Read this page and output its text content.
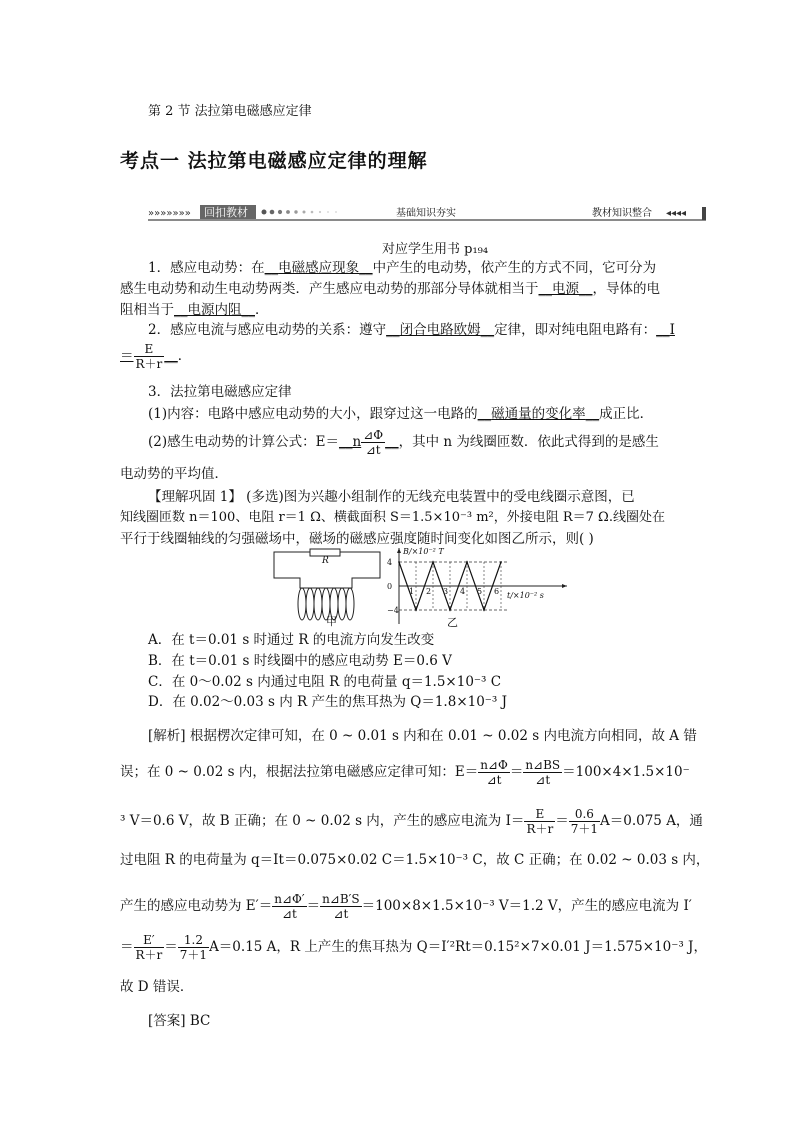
第 2 节 法拉第电磁感应定律
考点一 法拉第电磁感应定律的理解
»»»»»»» 回扣教材	基础知识夯实	教材知识整合 ◂◂◂◂
对应学生用书 p₁₉₄
1．感应电动势：在__电磁感应现象__中产生的电动势，依产生的方式不同，它可分为
感生电动势和动生电动势两类．产生感应电动势的那部分导体就相当于__电源__，导体的电
阻相当于__电源内阻__．
2．感应电流与感应电动势的关系：遵守__闭合电路欧姆__定律，即对纯电阻电路有：__I
＝ $\frac{E}{R+r}$ __．
3．法拉第电磁感应定律
(1)内容：电路中感应电动势的大小，跟穿过这一电路的__磁通量的变化率__成正比．
(2)感生电动势的计算公式：E＝__n $\frac{⊿\Phi}{⊿t}$ __，其中 n 为线圈匝数．依此式得到的是感生
电动势的平均值．
【理解巩固 1】 (多选)图为兴趣小组制作的无线充电装置中的受电线圈示意图，已
知线圈匝数 n＝100、电阻 r＝1 Ω、横截面积 S＝1.5×10⁻³ m²，外接电阻 R＝7 Ω.线圈处在
平行于线圈轴线的匀强磁场中，磁场的磁感应强度随时间变化如图乙所示，则( )
R
甲
B/×10⁻² T
t/×10⁻² s
4
0
−4
1 2 3 4 5 6
乙
A．在 t＝0.01 s 时通过 R 的电流方向发生改变
B．在 t＝0.01 s 时线圈中的感应电动势 E＝0.6 V
C．在 0～0.02 s 内通过电阻 R 的电荷量 q＝1.5×10⁻³ C
D．在 0.02～0.03 s 内 R 产生的焦耳热为 Q＝1.8×10⁻³ J
[解析] 根据楞次定律可知，在 0 ~ 0.01 s 内和在 0.01 ~ 0.02 s 内电流方向相同，故 A 错
误；在 0 ~ 0.02 s 内，根据法拉第电磁感应定律可知：$E= \frac{n⊿\Phi}{⊿t} = \frac{n⊿BS}{⊿t} =100\times 4\times 1.5\times 10^-$
³ V＝0.6 V，故 B 正确；在 0 ~ 0.02 s 内，产生的感应电流为 $I= \frac{E}{R+r} = \frac{0.6}{7+1} A=0.075$ A，通
过电阻 R 的电荷量为 q＝It＝0.075×0.02 C＝1.5×10⁻³ C，故 C 正确；在 0.02 ~ 0.03 s 内，
产生的感应电动势为 $E'= \frac{n⊿\Phi'}{⊿t} = \frac{n⊿B'S}{⊿t} =100\times 8\times 1.5\times 10^{-3}$ V＝1.2 V，产生的感应电流为 I′
＝ $\frac{E'}{R+r} = \frac{1.2}{7+1} A=0.15$ A，R 上产生的焦耳热为 Q＝I′²Rt＝0.15²×7×0.01 J＝1.575×10⁻³ J，
故 D 错误．
[答案] BC
